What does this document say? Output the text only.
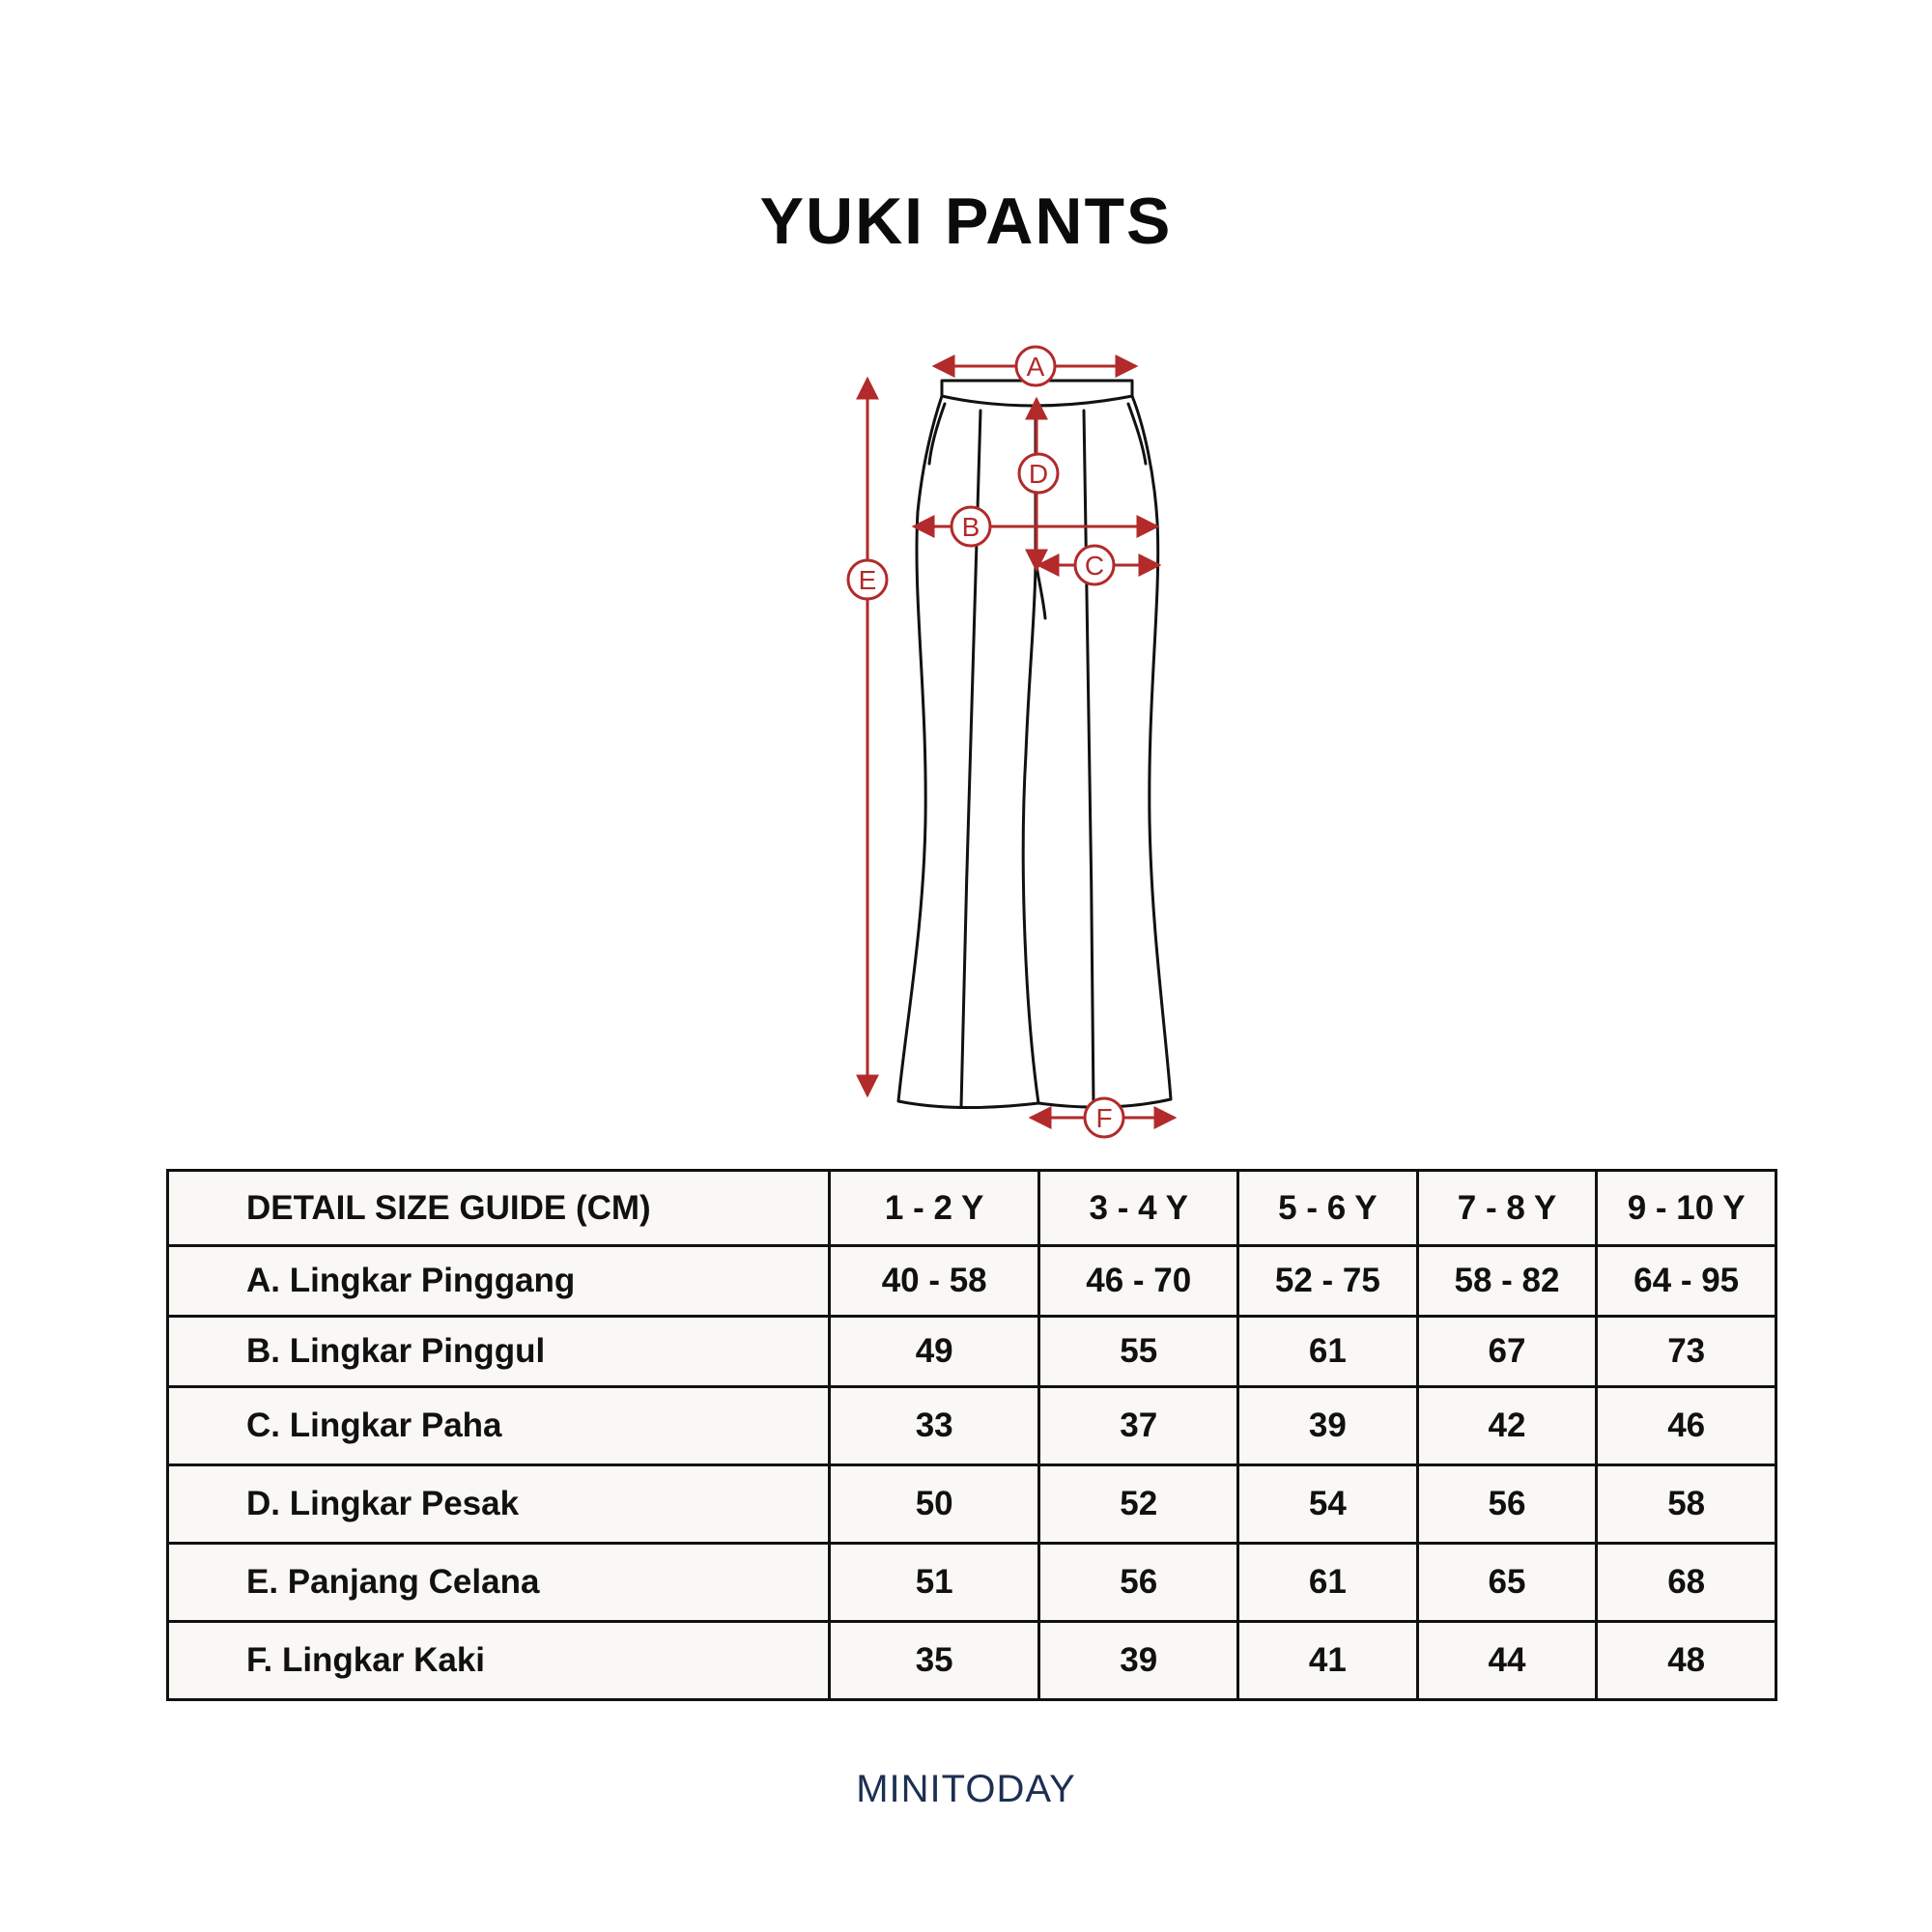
YUKI PANTS
A
D
B
C
E
F
DETAIL SIZE GUIDE (CM)	1 - 2 Y	3 - 4 Y	5 - 6 Y	7 - 8 Y	9 - 10 Y
A. Lingkar Pinggang	40 - 58	46 - 70	52 - 75	58 - 82	64 - 95
B. Lingkar Pinggul	49	55	61	67	73
C. Lingkar Paha	33	37	39	42	46
D. Lingkar Pesak	50	52	54	56	58
E. Panjang Celana	51	56	61	65	68
F. Lingkar Kaki	35	39	41	44	48
MINITODAY
